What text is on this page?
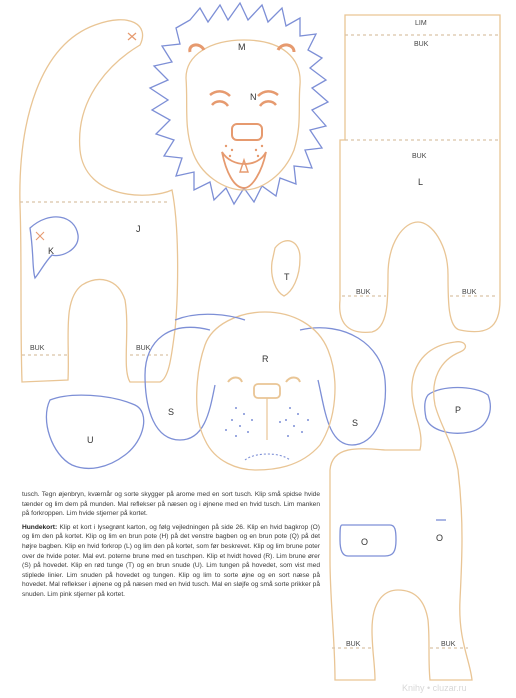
M
N
J
K
T
L
R
S
S
U
P
O	O
LIM
BUK
BUK
BUK	BUK
BUK	BUK
BUK	BUK

tusch. Tegn øjenbryn, kværnår og sorte skygger på arome med en sort tusch. Klip små spidse hvide tænder og lim dem på munden. Mal reflekser på næsen og i øjnene med en hvid tusch. Lim manken på forkroppen. Lim hvide stjerner på kortet.

Hundekort: Klip et kort i lysegrønt karton, og følg vejledningen på side 26. Klip en hvid bagkrop (O) og lim den på kortet. Klip og lim en brun pote (H) på det venstre bagben og en brun pote (Q) på det højre bagben. Klip en hvid forkrop (L) og lim den på kortet, som før beskrevet. Klip og lim brune poter over de hvide poter. Mal evt. poterne brune med en tuschpen. Klip et hvidt hoved (R). Lim brune ører (S) på hovedet. Klip en rød tunge (T) og en brun snude (U). Lim tungen på hovedet, som vist med stiplede linier. Lim snuden på hovedet og tungen. Klip og lim to sorte øjne og en sort næse på hovedet. Mal reflekser i øjnene og på næsen med en hvid tusch. Mal en sløjfe og små sorte prikker på snuden. Lim pink stjerner på kortet.

Knihy • cluzar.ru
